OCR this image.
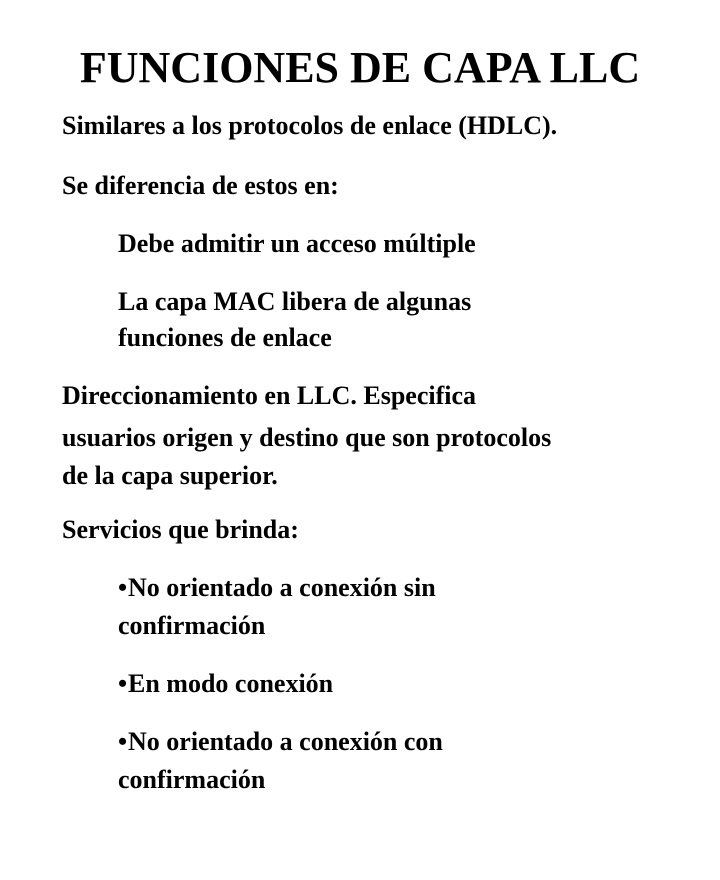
FUNCIONES DE CAPA LLC

Similares a los protocolos de enlace (HDLC).

Se diferencia de estos en:

Debe admitir un acceso múltiple

La capa MAC libera de algunas

funciones de enlace

Direccionamiento en LLC. Especifica

usuarios origen y destino que son protocolos

de la capa superior.

Servicios que brinda:

•No orientado a conexión sin

confirmación

•En modo conexión

•No orientado a conexión con

confirmación
